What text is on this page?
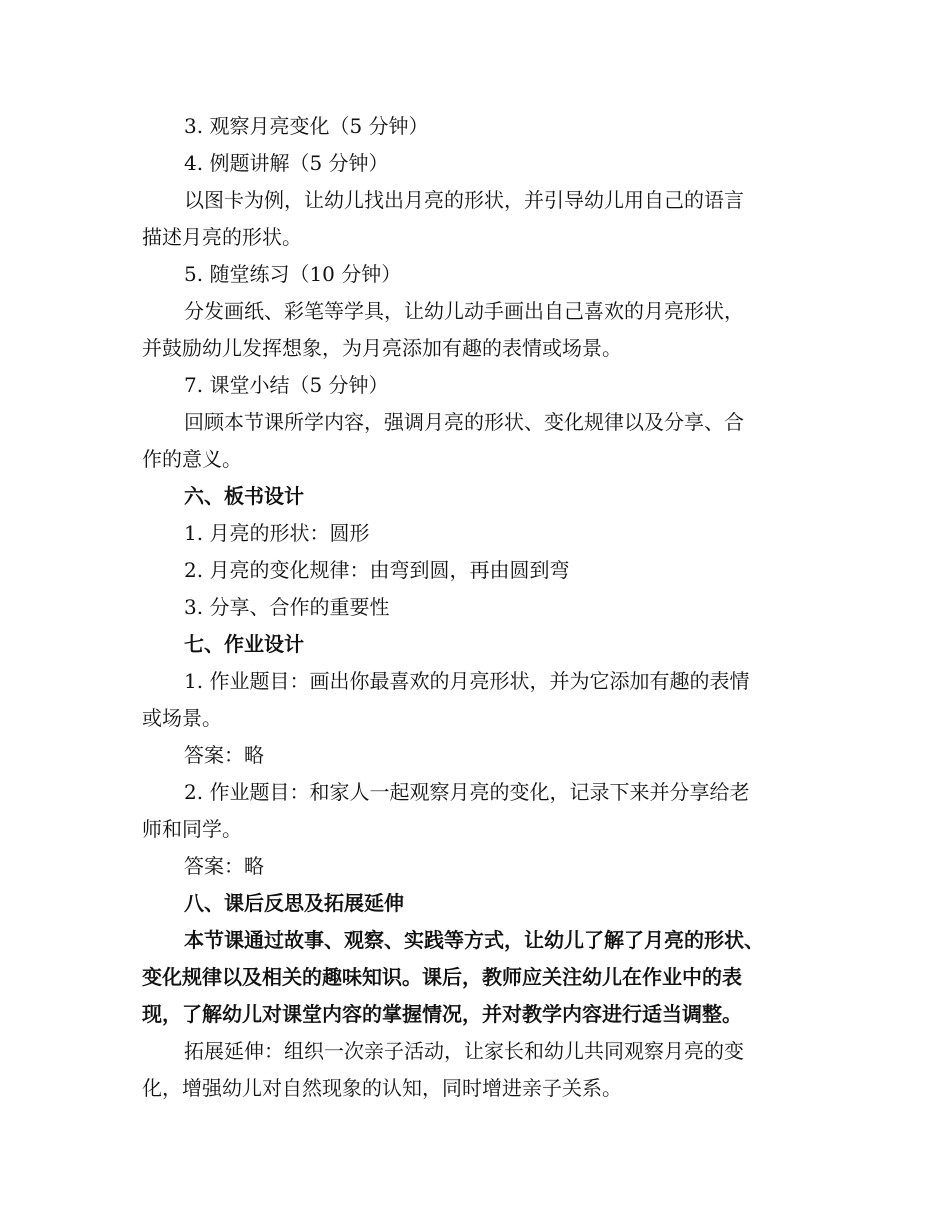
3. 观察月亮变化（5 分钟）
4. 例题讲解（5 分钟）
以图卡为例，让幼儿找出月亮的形状，并引导幼儿用自己的语言
描述月亮的形状。
5. 随堂练习（10 分钟）
分发画纸、彩笔等学具，让幼儿动手画出自己喜欢的月亮形状，
并鼓励幼儿发挥想象，为月亮添加有趣的表情或场景。
7. 课堂小结（5 分钟）
回顾本节课所学内容，强调月亮的形状、变化规律以及分享、合
作的意义。
六、板书设计
1. 月亮的形状：圆形
2. 月亮的变化规律：由弯到圆，再由圆到弯
3. 分享、合作的重要性
七、作业设计
1. 作业题目：画出你最喜欢的月亮形状，并为它添加有趣的表情
或场景。
答案：略
2. 作业题目：和家人一起观察月亮的变化，记录下来并分享给老
师和同学。
答案：略
八、课后反思及拓展延伸
本节课通过故事、观察、实践等方式，让幼儿了解了月亮的形状、
变化规律以及相关的趣味知识。课后，教师应关注幼儿在作业中的表
现，了解幼儿对课堂内容的掌握情况，并对教学内容进行适当调整。
拓展延伸：组织一次亲子活动，让家长和幼儿共同观察月亮的变
化，增强幼儿对自然现象的认知，同时增进亲子关系。
